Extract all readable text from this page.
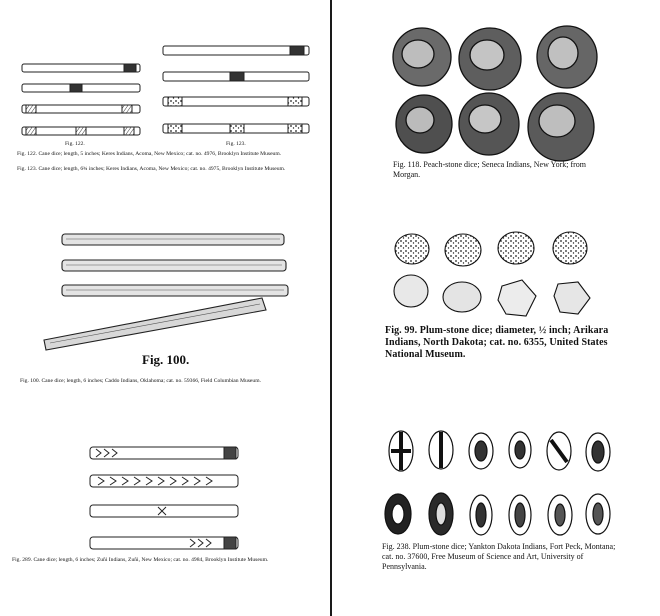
Fig. 122.	Fig. 123.
Fig. 122. Cane dice; length, 5 inches; Keres Indians, Acoma, New Mexico; cat. no. 4976, Brooklyn Institute Museum.
Fig. 123. Cane dice; length, 6¾ inches; Keres Indians, Acoma, New Mexico; cat. no. 4975, Brooklyn Institute Museum.
Fig. 100.
Fig. 100. Cane dice; length, 6 inches; Caddo Indians, Oklahoma; cat. no. 59366, Field Columbian Museum.
Fig. 289. Cane dice; length, 6 inches; Zuñi Indians, Zuñi, New Mexico; cat. no. 4984, Brooklyn Institute Museum.
Fig. 118. Peach-stone dice; Seneca Indians, New York; from Morgan.
Fig. 99. Plum-stone dice; diameter, ½ inch; Arikara Indians, North Dakota; cat. no. 6355, United States National Museum.
Fig. 238. Plum-stone dice; Yankton Dakota Indians, Fort Peck, Montana; cat. no. 37600, Free Museum of Science and Art, University of Pennsylvania.
